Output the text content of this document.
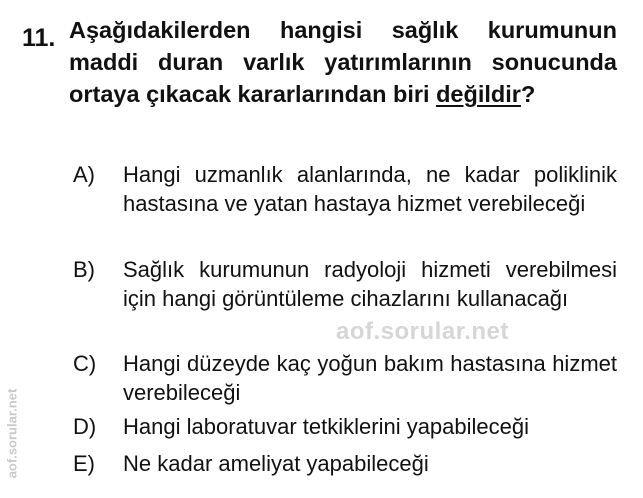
11. Aşağıdakilerden hangisi sağlık kurumunun maddi duran varlık yatırımlarının sonucunda ortaya çıkacak kararlarından biri değildir?

A) Hangi uzmanlık alanlarında, ne kadar poliklinik hastasına ve yatan hastaya hizmet verebileceği
B) Sağlık kurumunun radyoloji hizmeti verebilmesi için hangi görüntüleme cihazlarını kullanacağı
C) Hangi düzeyde kaç yoğun bakım hastasına hizmet verebileceği
D) Hangi laboratuvar tetkiklerini yapabileceği
E) Ne kadar ameliyat yapabileceği
aof.sorular.net
aof.sorular.net
